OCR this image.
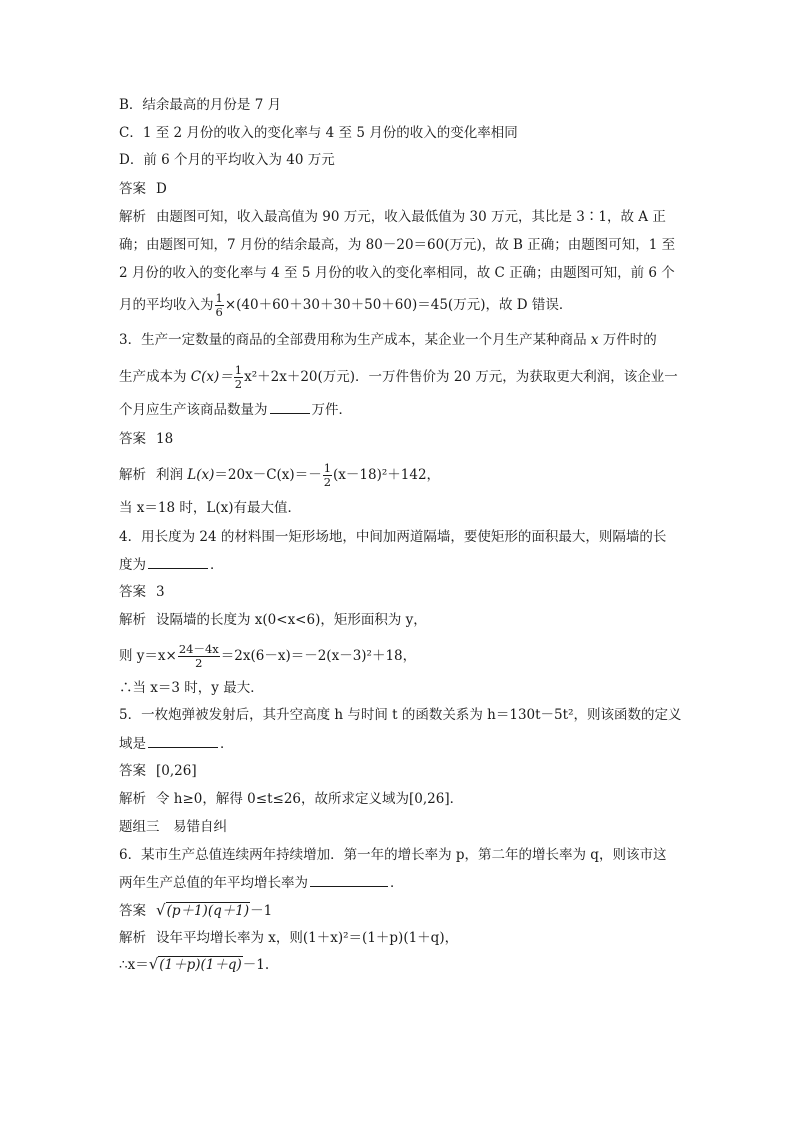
B．结余最高的月份是 7 月
C．1 至 2 月份的收入的变化率与 4 至 5 月份的收入的变化率相同
D．前 6 个月的平均收入为 40 万元
答案 D
解析 由题图可知，收入最高值为 90 万元，收入最低值为 30 万元，其比是 3∶1，故 A 正
确；由题图可知，7 月份的结余最高，为 80－20＝60(万元)，故 B 正确；由题图可知，1 至
2 月份的收入的变化率与 4 至 5 月份的收入的变化率相同，故 C 正确；由题图可知，前 6 个
月的平均收入为 $\frac{1}{6} \times(40+60+30+30+50+60)=45$(万元)，故 D 错误．
3．生产一定数量的商品的全部费用称为生产成本，某企业一个月生产某种商品 x 万件时的
生产成本为 $C(x)= \frac{1}{2} x^2+2x+20$(万元)．一万件售价为 20 万元，为获取更大利润，该企业一
个月应生产该商品数量为	万件．
答案 18
解析 利润 $L(x)=20x-C(x)=- \frac{1}{2} (x-18)^2+142$，
当 x＝18 时，L(x)有最大值．
4．用长度为 24 的材料围一矩形场地，中间加两道隔墙，要使矩形的面积最大，则隔墙的长
度为	．
答案 3
解析 设隔墙的长度为 x(0<x<6)，矩形面积为 y，
则 $y=x\times \frac{24-4x}{2} =2x(6-x)=-2(x-3)^2+18$，
∴当 x＝3 时，y 最大．
5．一枚炮弹被发射后，其升空高度 h 与时间 t 的函数关系为 h＝130t－5t²，则该函数的定义
域是	．
答案 [0,26]
解析 令 h≥0，解得 0≤t≤26，故所求定义域为[0,26]．
题组三　易错自纠
6．某市生产总值连续两年持续增加．第一年的增长率为 p，第二年的增长率为 q，则该市这
两年生产总值的年平均增长率为	．
答案 √(p＋1)(q＋1)－1
解析 设年平均增长率为 x，则(1＋x)²＝(1＋p)(1＋q)，
∴x＝√(1＋p)(1＋q)－1.
